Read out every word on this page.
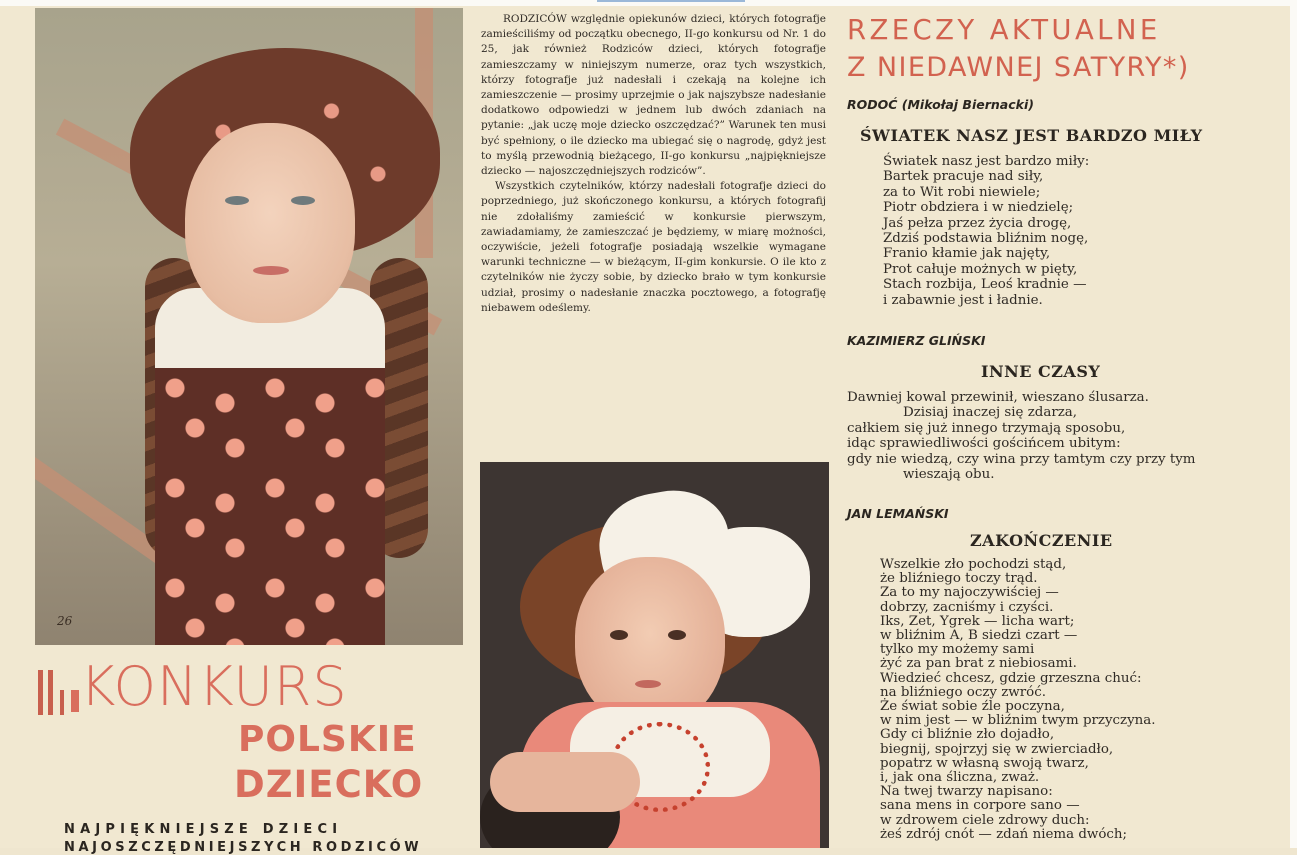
26
KONKURS
POLSKIE
DZIECKO
NAJPIĘKNIEJSZE DZIECI
NAJOSZCZĘDNIEJSZYCH RODZICÓW

RODZICÓW względnie opiekunów dzieci, których fotografje zamieściliśmy od początku obecnego, II-go konkursu od Nr. 1 do 25, jak również Rodziców dzieci, których fotografje zamieszczamy w niniejszym numerze, oraz tych wszystkich, którzy fotografje już nadesłali i czekają na kolejne ich zamieszczenie — prosimy uprzejmie o jak najszybsze nadesłanie dodatkowo odpowiedzi w jednem lub dwóch zdaniach na pytanie: „jak uczę moje dziecko oszczędzać?” Warunek ten musi być spełniony, o ile dziecko ma ubiegać się o nagrodę, gdyż jest to myślą przewodnią bieżącego, II-go konkursu „najpiękniejsze dziecko — najoszczędniejszych rodziców”.

Wszystkich czytelników, którzy nadesłali fotografje dzieci do poprzedniego, już skończonego konkursu, a których fotografij nie zdołaliśmy zamieścić w konkursie pierwszym, zawiadamiamy, że zamieszczać je będziemy, w miarę możności, oczywiście, jeżeli fotografje posiadają wszelkie wymagane warunki techniczne — w bieżącym, II-gim konkursie. O ile kto z czytelników nie życzy sobie, by dziecko brało w tym konkursie udział, prosimy o nadesłanie znaczka pocztowego, a fotografję niebawem odeślemy.

RZECZY AKTUALNE
Z NIEDAWNEJ SATYRY*)
RODOĆ (Mikołaj Biernacki)
ŚWIATEK NASZ JEST BARDZO MIŁY
Światek nasz jest bardzo miły:
Bartek pracuje nad siły,
za to Wit robi niewiele;
Piotr obdziera i w niedzielę;
Jaś pełza przez życia drogę,
Zdziś podstawia bliźnim nogę,
Franio kłamie jak najęty,
Prot całuje możnych w pięty,
Stach rozbija, Leoś kradnie —
i zabawnie jest i ładnie.
KAZIMIERZ GLIŃSKI
INNE CZASY
Dawniej kowal przewinił, wieszano ślusarza.
Dzisiaj inaczej się zdarza,
całkiem się już innego trzymają sposobu,
idąc sprawiedliwości gościńcem ubitym:
gdy nie wiedzą, czy wina przy tamtym czy przy tym
wieszają obu.
JAN LEMAŃSKI
ZAKOŃCZENIE
Wszelkie zło pochodzi stąd,
że bliźniego toczy trąd.
Za to my najoczywiściej —
dobrzy, zacniśmy i czyści.
Iks, Zet, Ygrek — licha wart;
w bliźnim A, B siedzi czart —
tylko my możemy sami
żyć za pan brat z niebiosami.
Wiedzieć chcesz, gdzie grzeszna chuć:
na bliźniego oczy zwróć.
Że świat sobie źle poczyna,
w nim jest — w bliźnim twym przyczyna.
Gdy ci bliźnie zło dojadło,
biegnij, spojrzyj się w zwierciadło,
popatrz w własną swoją twarz,
i, jak ona śliczna, zważ.
Na twej twarzy napisano:
sana mens in corpore sano —
w zdrowem ciele zdrowy duch:
żeś zdrój cnót — zdań niema dwóch;
